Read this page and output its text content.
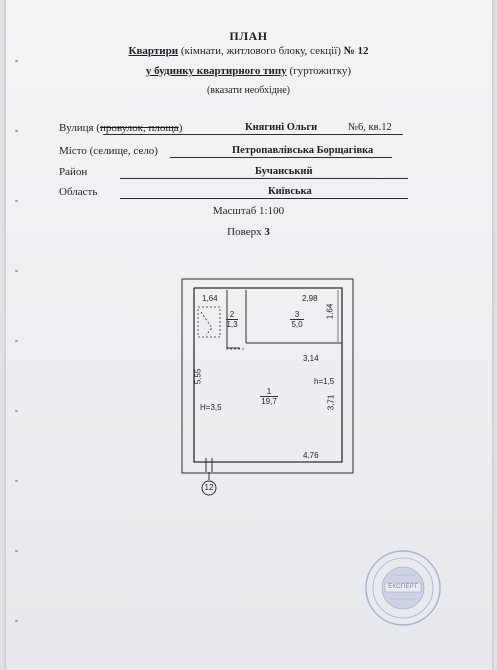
ПЛАН
Квартири (кімнати, житлового блоку, секції) № 12
у будинку квартирного типу (гуртожитку)
(вказати необхідне)
Вулиця (провулок, площа)	Княгині Ольги	№6, кв.12
Місто (селище, село)	Петропавлівська Борщагівка
Район	Бучанський
Область	Київська
Масштаб 1:100
Поверх 3
1,64	2,98
1,64
2
1,3
3
5,0
1
19,7
3,14
h=1,5
5,55
3,71
Н=3,5
4,76
12
ЕКСПЕРТ
